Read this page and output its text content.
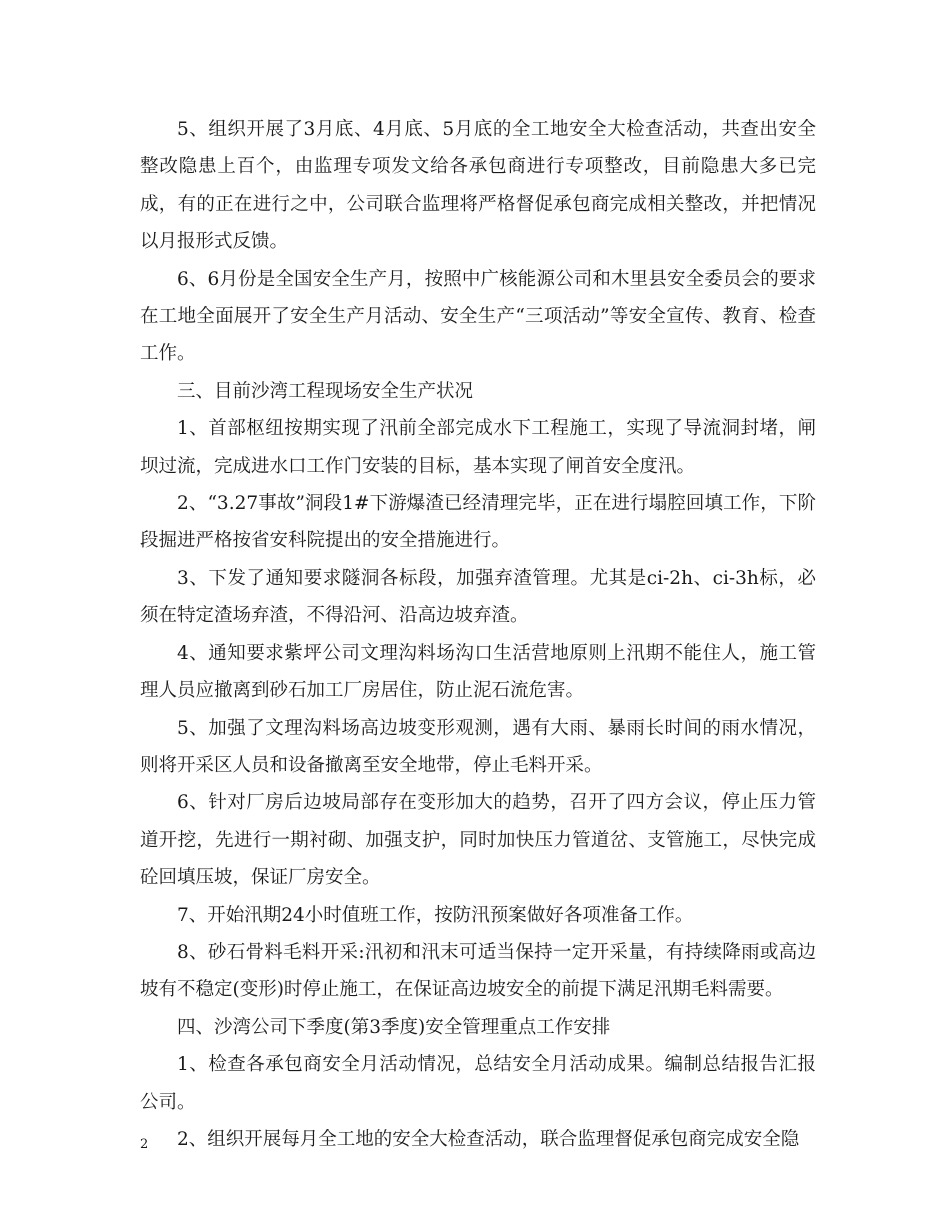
5、组织开展了3月底、4月底、5月底的全工地安全大检查活动，共查出安全整改隐患上百个，由监理专项发文给各承包商进行专项整改，目前隐患大多已完成，有的正在进行之中，公司联合监理将严格督促承包商完成相关整改，并把情况以月报形式反馈。

6、6月份是全国安全生产月，按照中广核能源公司和木里县安全委员会的要求在工地全面展开了安全生产月活动、安全生产“三项活动”等安全宣传、教育、检查工作。

三、目前沙湾工程现场安全生产状况

1、首部枢纽按期实现了汛前全部完成水下工程施工，实现了导流洞封堵，闸坝过流，完成进水口工作门安装的目标，基本实现了闸首安全度汛。

2、“3.27事故”洞段1#下游爆渣已经清理完毕，正在进行塌腔回填工作，下阶段掘进严格按省安科院提出的安全措施进行。

3、下发了通知要求隧洞各标段，加强弃渣管理。尤其是ci-2h、ci-3h标，必须在特定渣场弃渣，不得沿河、沿高边坡弃渣。

4、通知要求紫坪公司文理沟料场沟口生活营地原则上汛期不能住人，施工管理人员应撤离到砂石加工厂房居住，防止泥石流危害。

5、加强了文理沟料场高边坡变形观测，遇有大雨、暴雨长时间的雨水情况，则将开采区人员和设备撤离至安全地带，停止毛料开采。

6、针对厂房后边坡局部存在变形加大的趋势，召开了四方会议，停止压力管道开挖，先进行一期衬砌、加强支护，同时加快压力管道岔、支管施工，尽快完成砼回填压坡，保证厂房安全。

7、开始汛期24小时值班工作，按防汛预案做好各项准备工作。

8、砂石骨料毛料开采:汛初和汛末可适当保持一定开采量，有持续降雨或高边坡有不稳定(变形)时停止施工，在保证高边坡安全的前提下满足汛期毛料需要。

四、沙湾公司下季度(第3季度)安全管理重点工作安排

1、检查各承包商安全月活动情况，总结安全月活动成果。编制总结报告汇报公司。

2、组织开展每月全工地的安全大检查活动，联合监理督促承包商完成安全隐

2
